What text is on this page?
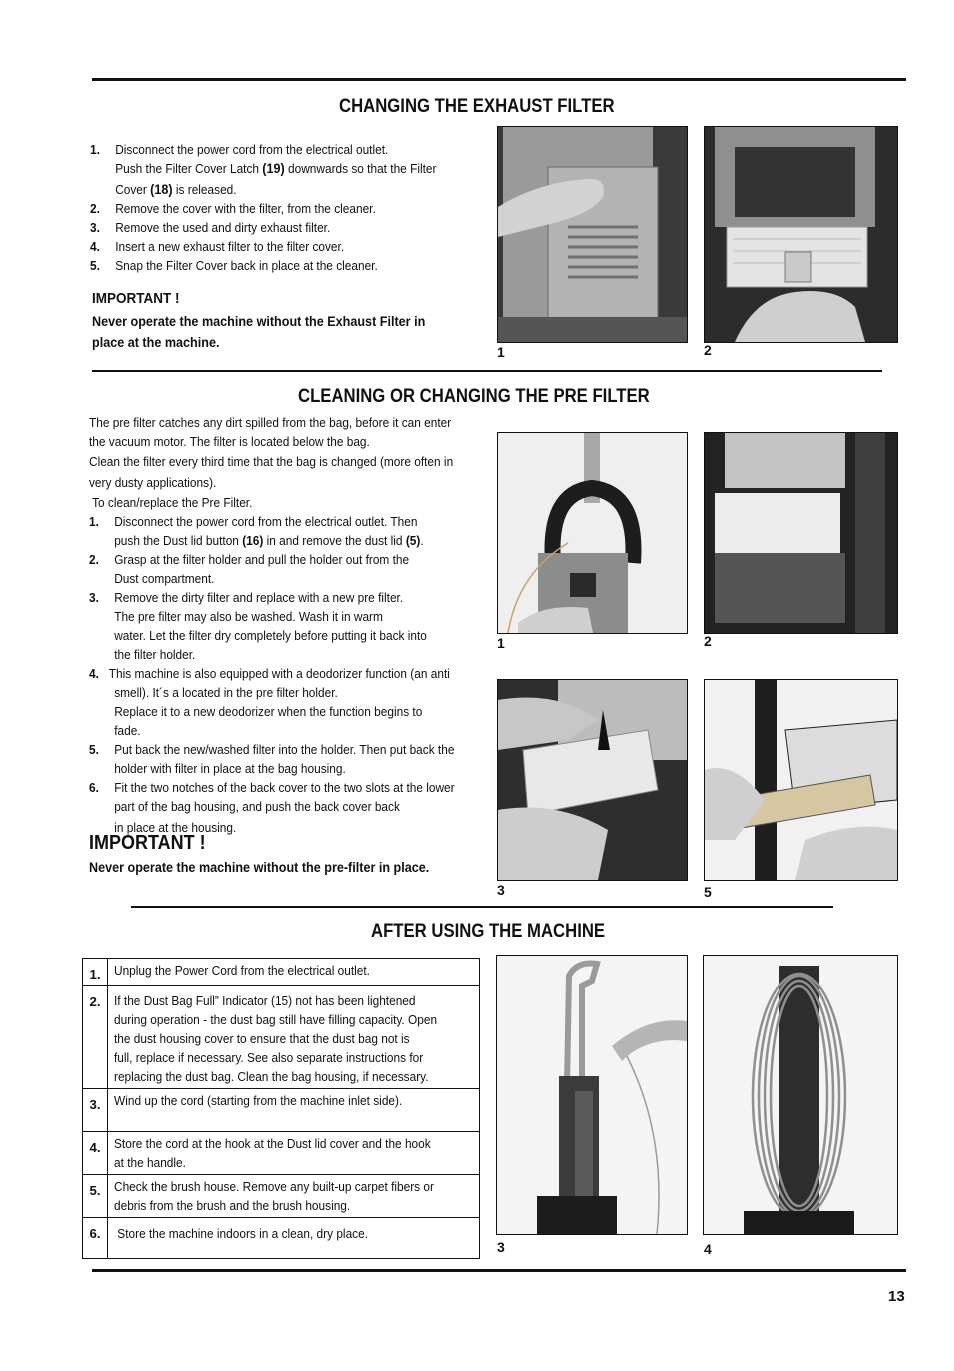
CHANGING THE EXHAUST FILTER
1. Disconnect the power cord from the electrical outlet.
Push the Filter Cover Latch (19) downwards so that the Filter
Cover (18) is released.
2. Remove the cover with the filter, from the cleaner.
3. Remove the used and dirty exhaust filter.
4. Insert a new exhaust filter to the filter cover.
5. Snap the Filter Cover back in place at the cleaner.
IMPORTANT !
Never operate the machine without the Exhaust Filter in
place at the machine.
1	2
CLEANING OR CHANGING THE PRE FILTER
The pre filter catches any dirt spilled from the bag, before it can enter
the vacuum motor. The filter is located below the bag.
Clean the filter every third time that the bag is changed (more often in
very dusty applications).
To clean/replace the Pre Filter.
1. Disconnect the power cord from the electrical outlet. Then
push the Dust lid button (16) in and remove the dust lid (5).
2. Grasp at the filter holder and pull the holder out from the
Dust compartment.
3. Remove the dirty filter and replace with a new pre filter.
The pre filter may also be washed. Wash it in warm
water. Let the filter dry completely before putting it back into
the filter holder.
4. This machine is also equipped with a deodorizer function (an anti
smell). It´s a located in the pre filter holder.
Replace it to a new deodorizer when the function begins to
fade.
5. Put back the new/washed filter into the holder. Then put back the
holder with filter in place at the bag housing.
6. Fit the two notches of the back cover to the two slots at the lower
part of the bag housing, and push the back cover back
in place at the housing.
IMPORTANT !
Never operate the machine without the pre-filter in place.
1	2
3	5
AFTER USING THE MACHINE
1.	Unplug the Power Cord from the electrical outlet.

2.	If the Dust Bag Full” Indicator (15) not has been lightened
during operation - the dust bag still have filling capacity. Open
the dust housing cover to ensure that the dust bag not is
full, replace if necessary. See also separate instructions for
replacing the dust bag. Clean the bag housing, if necessary.

3.	Wind up the cord (starting from the machine inlet side).

4.	Store the cord at the hook at the Dust lid cover and the hook
at the handle.

5.	Check the brush house. Remove any built-up carpet fibers or
debris from the brush and the brush housing.

6.	Store the machine indoors in a clean, dry place.
3	4
13
